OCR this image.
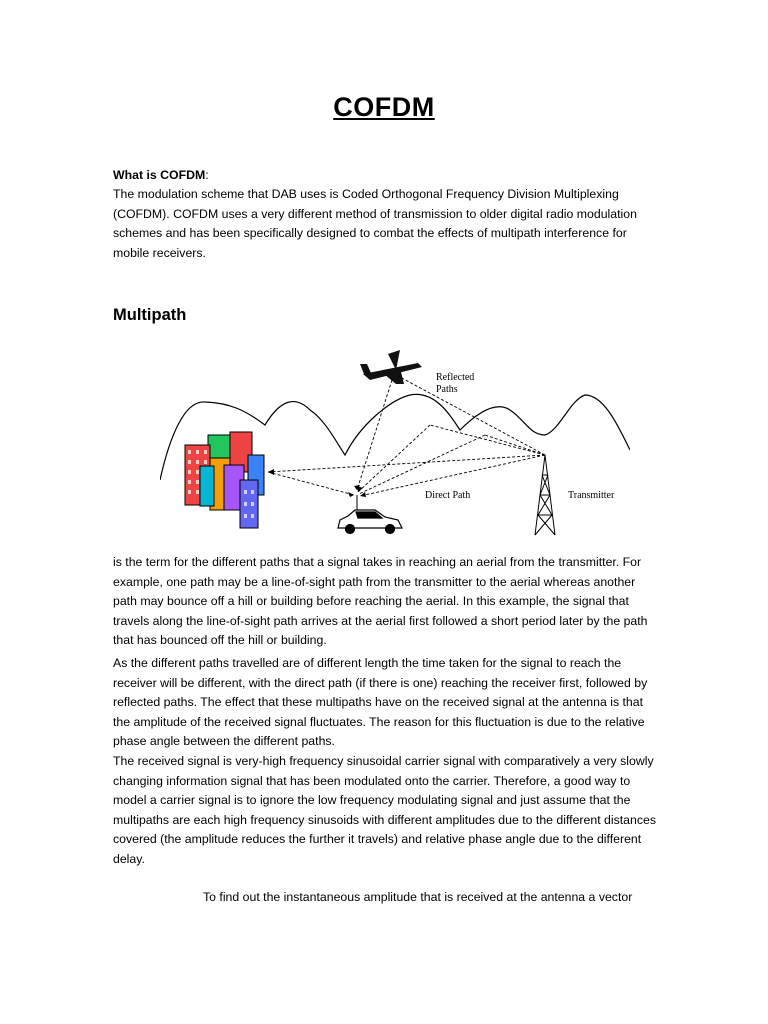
COFDM
What is COFDM:
The modulation scheme that DAB uses is Coded Orthogonal Frequency Division Multiplexing (COFDM). COFDM uses a very different method of transmission to older digital radio modulation schemes and has been specifically designed to combat the effects of multipath interference for mobile receivers.
Multipath
Reflected
Paths
Direct Path	Transmitter
is the term for the different paths that a signal takes in reaching an aerial from the transmitter. For example, one path may be a line-of-sight path from the transmitter to the aerial whereas another path may bounce off a hill or building before reaching the aerial. In this example, the signal that travels along the line-of-sight path arrives at the aerial first followed a short period later by the path that has bounced off the hill or building.
As the different paths travelled are of different length the time taken for the signal to reach the receiver will be different, with the direct path (if there is one) reaching the receiver first, followed by reflected paths. The effect that these multipaths have on the received signal at the antenna is that the amplitude of the received signal fluctuates. The reason for this fluctuation is due to the relative phase angle between the different paths.
The received signal is very-high frequency sinusoidal carrier signal with comparatively a very slowly changing information signal that has been modulated onto the carrier. Therefore, a good way to model a carrier signal is to ignore the low frequency modulating signal and just assume that the multipaths are each high frequency sinusoids with different amplitudes due to the different distances covered (the amplitude reduces the further it travels) and relative phase angle due to the different delay.
To find out the instantaneous amplitude that is received at the antenna a vector
